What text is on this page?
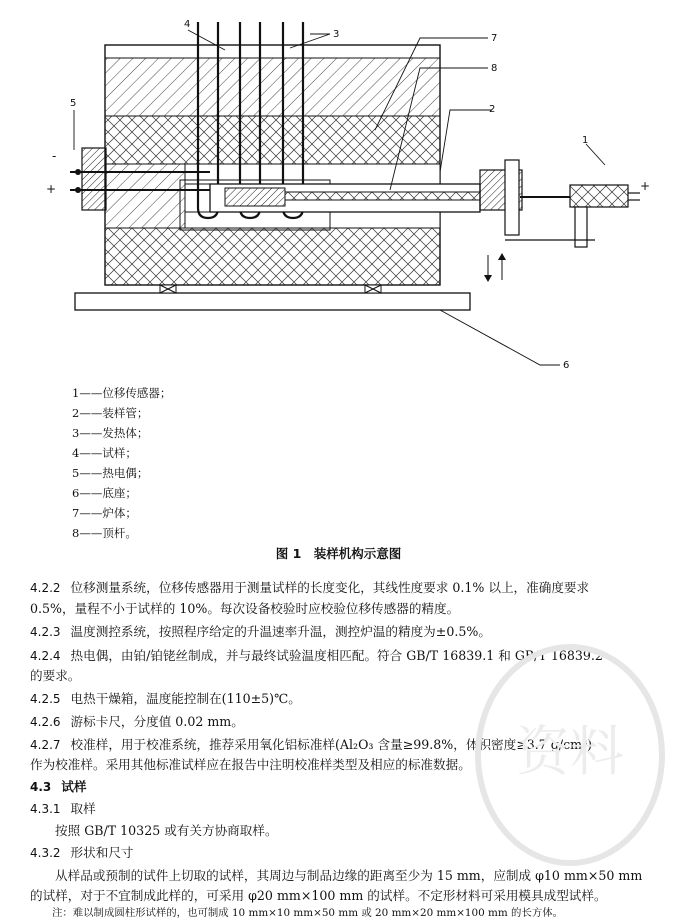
4
3	7
8
5
2
1
6
-
+	+
1——位移传感器；
2——装样管；
3——发热体；
4——试样；
5——热电偶；
6——底座；
7——炉体；
8——顶杆。
图 1　装样机构示意图
4.2.2 位移测量系统，位移传感器用于测量试样的长度变化，其线性度要求 0.1% 以上，准确度要求
0.5%，量程不小于试样的 10%。每次设备校验时应校验位移传感器的精度。
4.2.3 温度测控系统，按照程序给定的升温速率升温，测控炉温的精度为±0.5%。
4.2.4 热电偶，由铂/铂铑丝制成，并与最终试验温度相匹配。符合 GB/T 16839.1 和 GB/T 16839.2
的要求。
4.2.5 电热干燥箱，温度能控制在(110±5)℃。
4.2.6 游标卡尺，分度值 0.02 mm。
4.2.7 校准样，用于校准系统，推荐采用氧化铝标准样(Al₂O₃ 含量≥99.8%，体积密度≥3.7 g/cm³)
作为校准样。采用其他标准试样应在报告中注明校准样类型及相应的标准数据。
4.3 试样
4.3.1 取样
按照 GB/T 10325 或有关方协商取样。
4.3.2 形状和尺寸
从样品或预制的试件上切取的试样，其周边与制品边缘的距离至少为 15 mm，应制成 φ10 mm×50 mm
的试样，对于不宜制成此样的，可采用 φ20 mm×100 mm 的试样。不定形材料可采用模具成型试样。
注：难以制成圆柱形试样的，也可制成 10 mm×10 mm×50 mm 或 20 mm×20 mm×100 mm 的长方体。
资料
